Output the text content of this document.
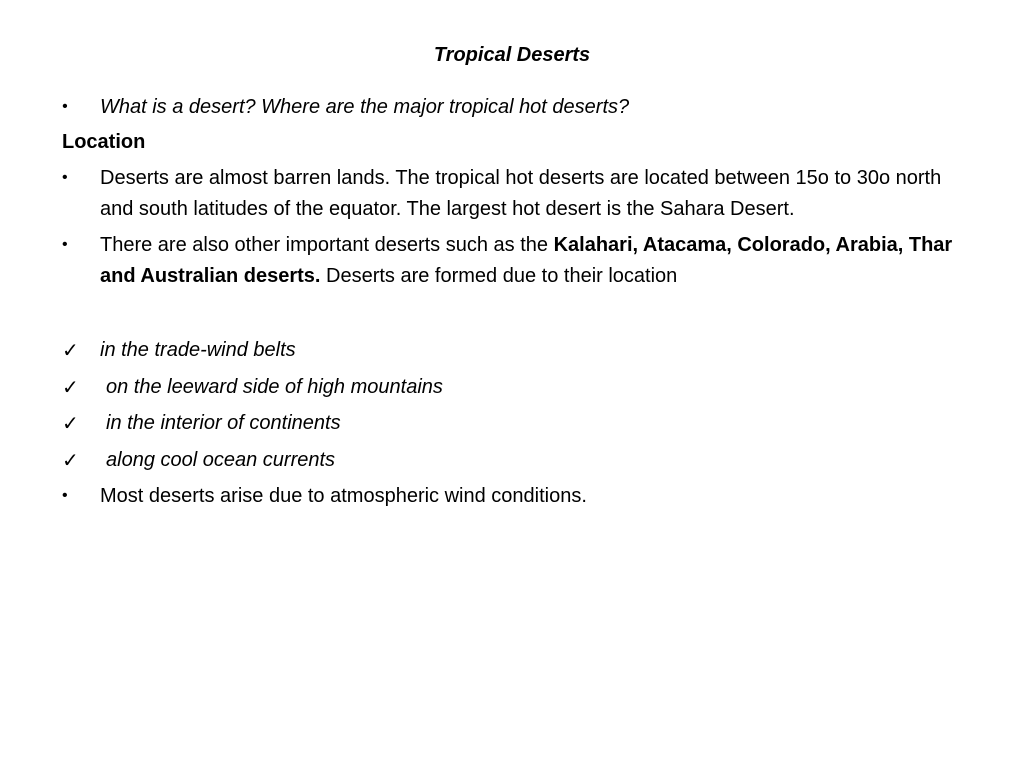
Tropical Deserts
•	What is a desert? Where are the major tropical hot deserts?
Location
•	Deserts are almost barren lands. The tropical hot deserts are located between 15o to 30o north and south latitudes of the equator. The largest hot desert is the Sahara Desert.
•	There are also other important deserts such as the Kalahari, Atacama, Colorado, Arabia, Thar and Australian deserts. Deserts are formed due to their location
✓	in the trade-wind belts
✓	on the leeward side of high mountains
✓	in the interior of continents
✓	along cool ocean currents
•	Most deserts arise due to atmospheric wind conditions.
